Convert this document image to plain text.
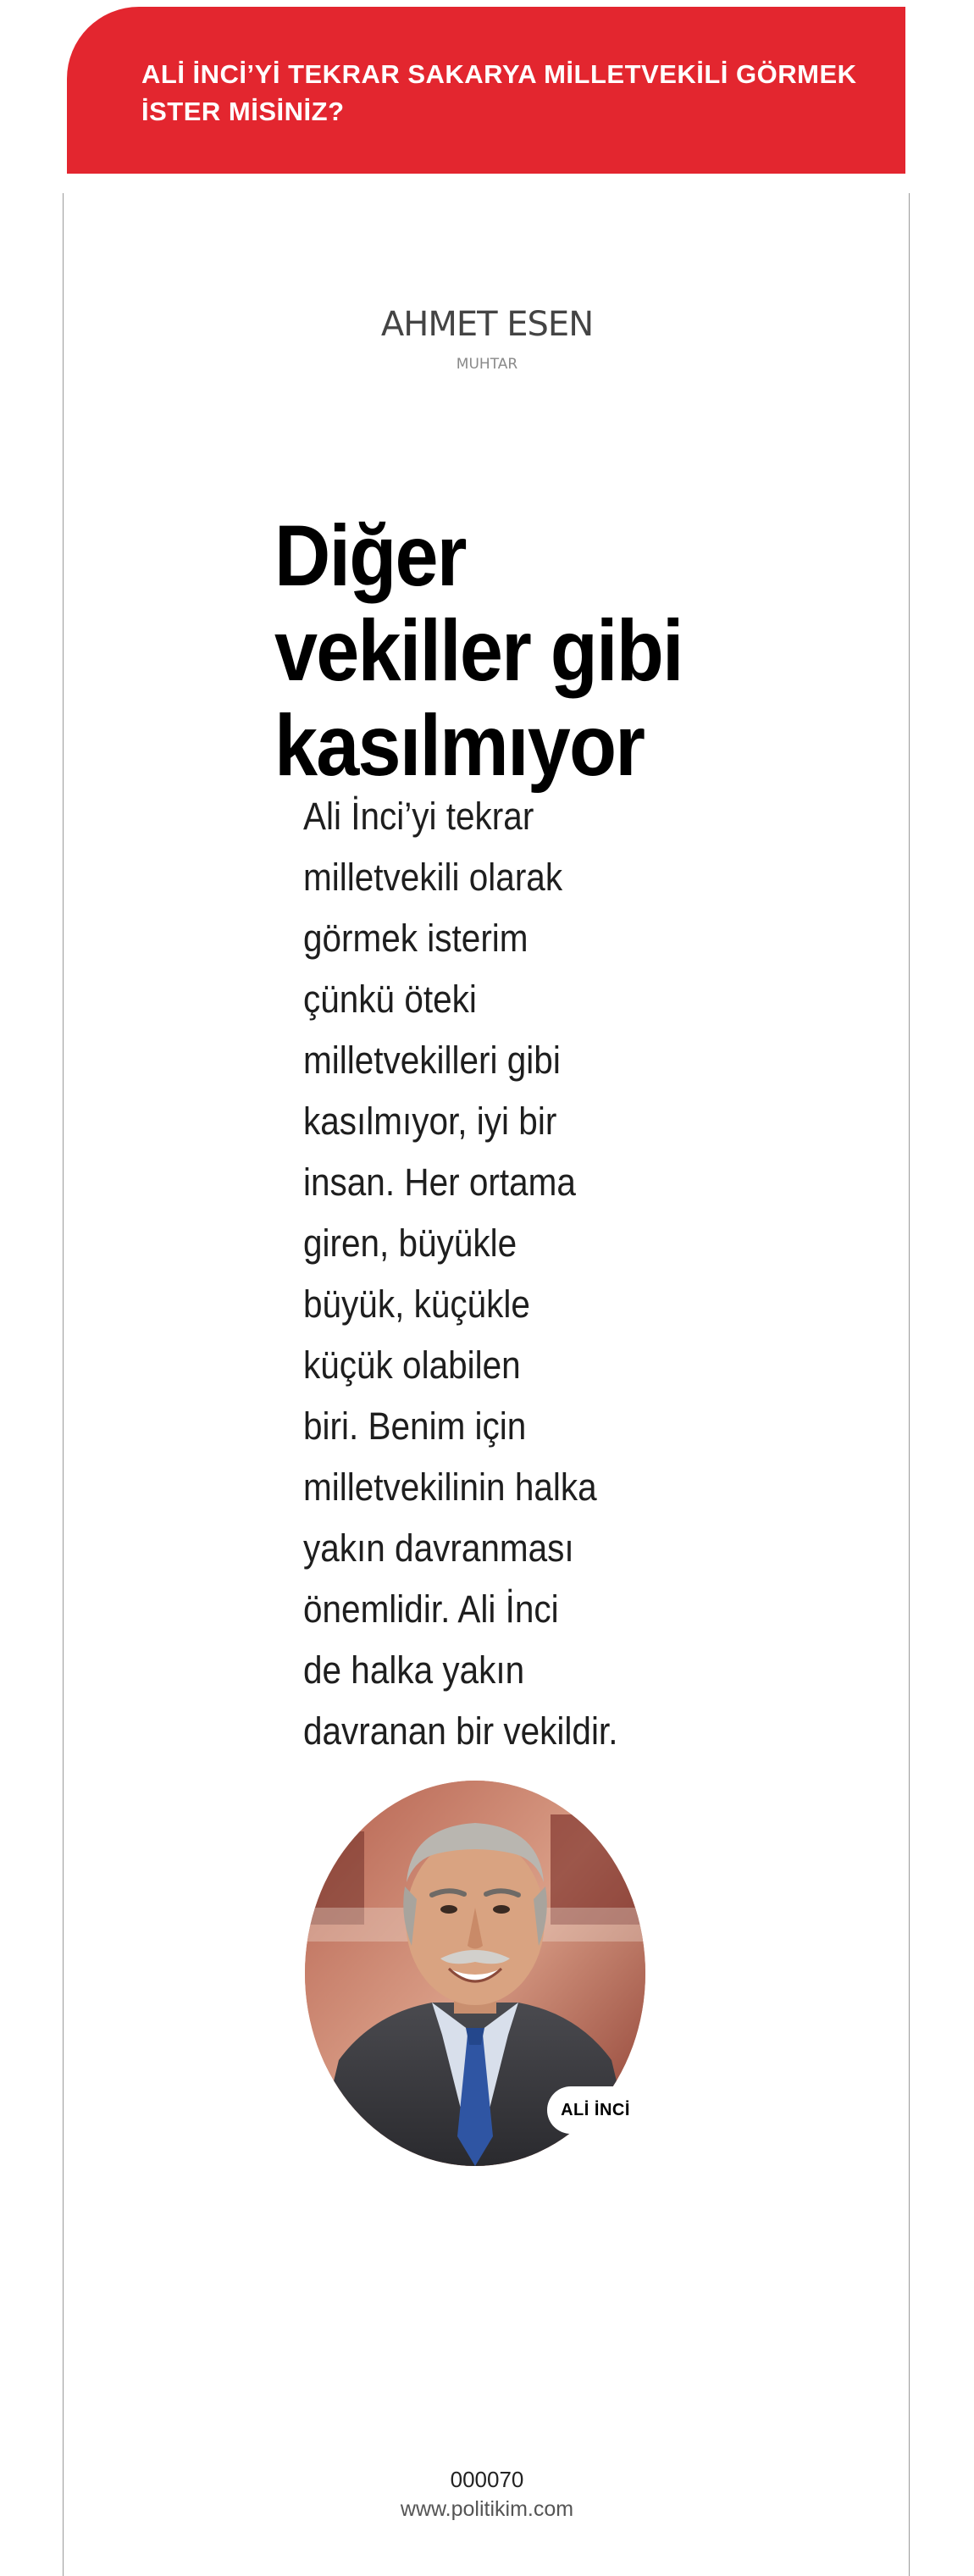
ALİ İNCİ’Yİ TEKRAR SAKARYA MİLLETVEKİLİ GÖRMEK İSTER MİSİNİZ?

AHMET ESEN

MUHTAR

Diğer vekiller gibi kasılmıyor
Ali İnci’yi tekrar
milletvekili olarak
görmek isterim
çünkü öteki
milletvekilleri gibi
kasılmıyor, iyi bir
insan. Her ortama
giren, büyükle
büyük, küçükle
küçük olabilen
biri. Benim için
milletvekilinin halka
yakın davranması
önemlidir. Ali İnci
de halka yakın
davranan bir vekildir.
ALİ İNCİ

000070

www.politikim.com
